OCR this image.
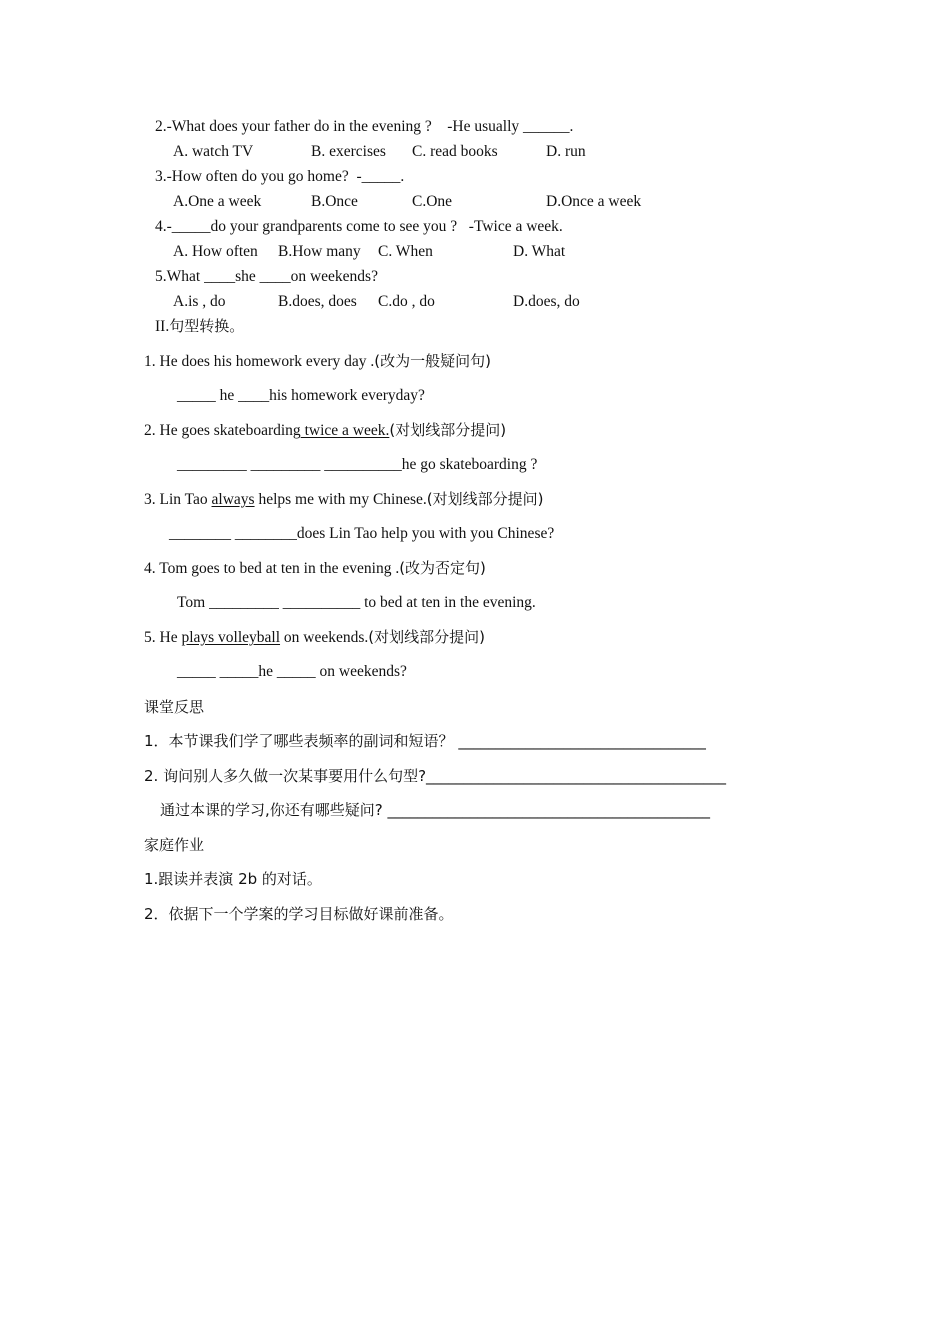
2.-What does your father do in the evening ?    -He usually ______.
A. watch TV	B. exercises	C. read books	D. run
3.-How often do you go home?  -_____.
A.One a week	B.Once	C.One	D.Once a week
4.-_____do your grandparents come to see you ?   -Twice a week.
A. How often	B.How many	C. When	D. What
5.What ____she ____on weekends?
A.is , do	B.does, does	C.do , do	D.does, do
II.句型转换。
1. He does his homework every day .(改为一般疑问句)
_____ he ____his homework everyday?
2. He goes skateboarding twice a week.(对划线部分提问)
_________ _________ __________he go skateboarding ?
3. Lin Tao always helps me with my Chinese.(对划线部分提问)
________ ________does Lin Tao help you with you Chinese?
4. Tom goes to bed at ten in the evening .(改为否定句)
Tom _________ __________ to bed at ten in the evening.
5. He plays volleyball on weekends.(对划线部分提问)
_____ _____he _____ on weekends?
课堂反思
1．本节课我们学了哪些表频率的副词和短语？ _________________________________
2. 询问别人多久做一次某事要用什么句型?________________________________________
通过本课的学习,你还有哪些疑问? ___________________________________________
家庭作业
1.跟读并表演 2b 的对话。
2．依据下一个学案的学习目标做好课前准备。
